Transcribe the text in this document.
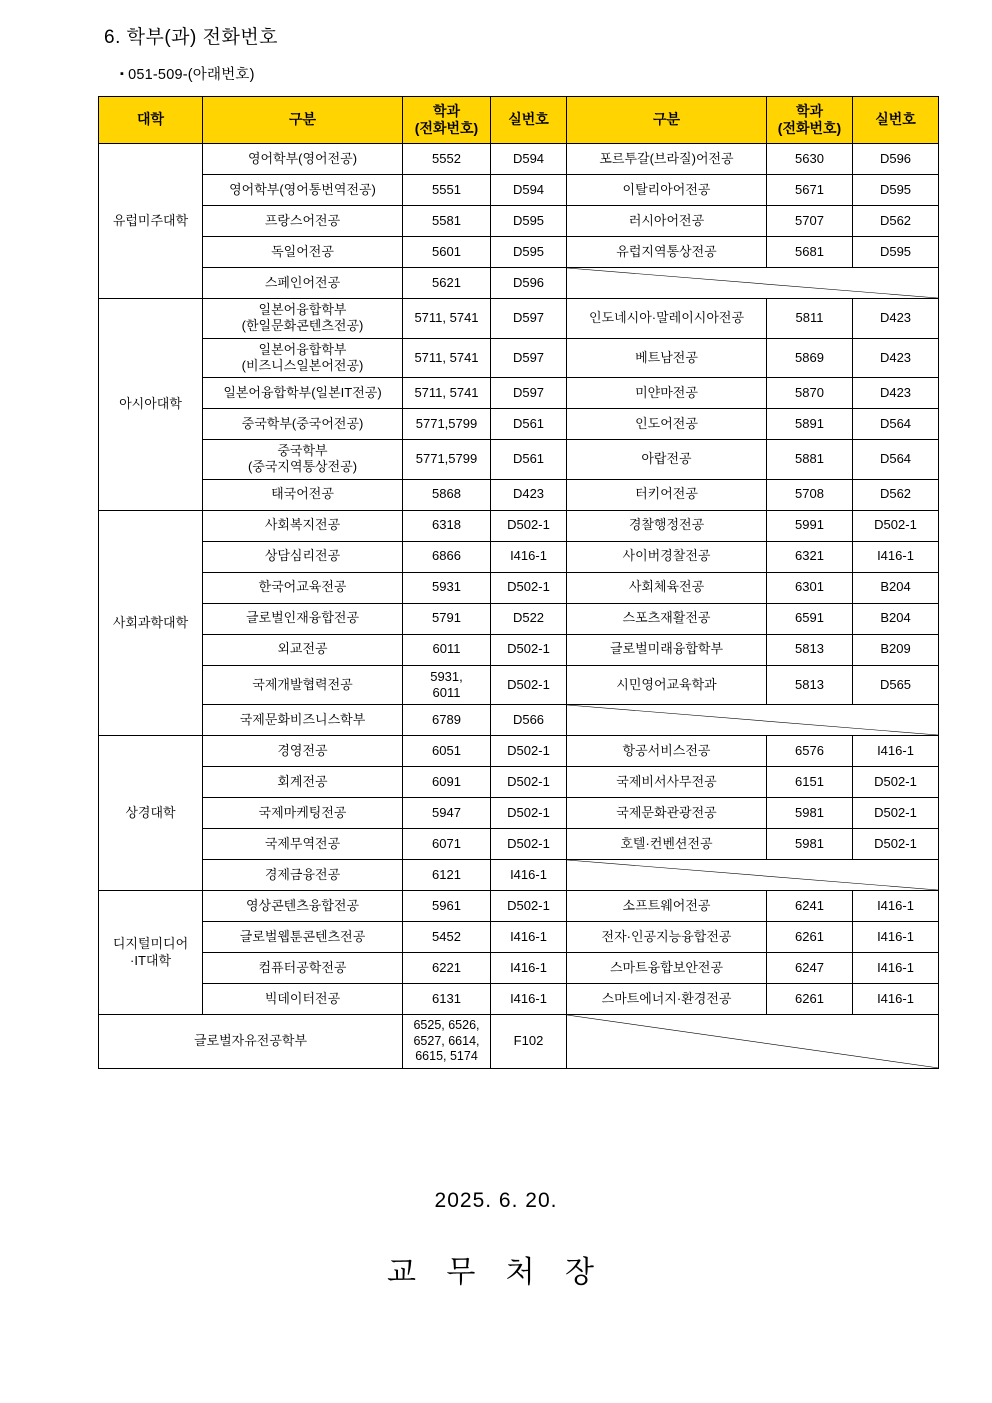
6. 학부(과) 전화번호
▪ 051-509-(아래번호)
대학	구분	
학과
(전화번호)
	실번호	구분	
학과
(전화번호)
	실번호

유럽미주대학	영어학부(영어전공)	5552	D594	포르투갈(브라질)어전공	5630	D596

	영어학부(영어통번역전공)	5551	D594	이탈리아어전공	5671	D595

	프랑스어전공	5581	D595	러시아어전공	5707	D562

	독일어전공	5601	D595	유럽지역통상전공	5681	D595

	스페인어전공	5621	D596	

아시아대학	일본어융합학부
(한일문화콘텐츠전공)	5711, 5741	D597	인도네시아·말레이시아전공	5811	D423

	일본어융합학부
(비즈니스일본어전공)	5711, 5741	D597	베트남전공	5869	D423

	일본어융합학부(일본IT전공)	5711, 5741	D597	미얀마전공	5870	D423

	중국학부(중국어전공)	5771,5799	D561	인도어전공	5891	D564

	중국학부
(중국지역통상전공)	5771,5799	D561	아랍전공	5881	D564

	태국어전공	5868	D423	터키어전공	5708	D562

사회과학대학	사회복지전공	6318	D502-1	경찰행정전공	5991	D502-1

	상담심리전공	6866	I416-1	사이버경찰전공	6321	I416-1

	한국어교육전공	5931	D502-1	사회체육전공	6301	B204

	글로벌인재융합전공	5791	D522	스포츠재활전공	6591	B204

	외교전공	6011	D502-1	글로벌미래융합학부	5813	B209

	국제개발협력전공	5931,
6011	D502-1	시민영어교육학과	5813	D565

	국제문화비즈니스학부	6789	D566	

상경대학	경영전공	6051	D502-1	항공서비스전공	6576	I416-1

	회계전공	6091	D502-1	국제비서사무전공	6151	D502-1

	국제마케팅전공	5947	D502-1	국제문화관광전공	5981	D502-1

	국제무역전공	6071	D502-1	호텔·컨벤션전공	5981	D502-1

	경제금융전공	6121	I416-1	

디지털미디어
·IT대학	영상콘텐츠융합전공	5961	D502-1	소프트웨어전공	6241	I416-1

	글로벌웹툰콘텐츠전공	5452	I416-1	전자·인공지능융합전공	6261	I416-1

	컴퓨터공학전공	6221	I416-1	스마트융합보안전공	6247	I416-1

	빅데이터전공	6131	I416-1	스마트에너지·환경전공	6261	I416-1
글로벌자유전공학부		6525, 6526,
6527, 6614,
6615, 5174	F102	
2025. 6. 20.
교 무 처 장
